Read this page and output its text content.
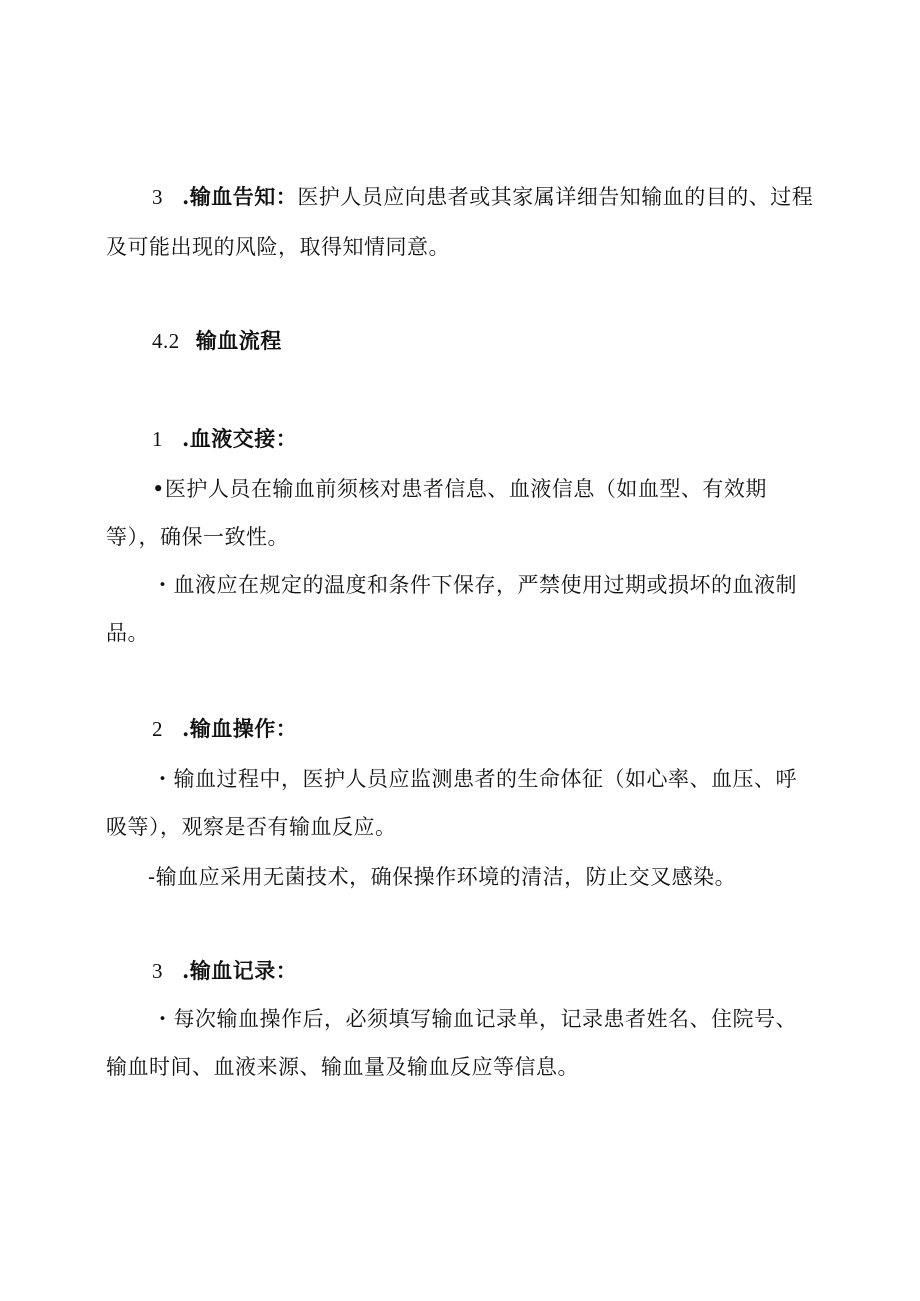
3 .输血告知：医护人员应向患者或其家属详细告知输血的目的、过程
及可能出现的风险，取得知情同意。
4.2 输血流程
1 .血液交接：
•医护人员在输血前须核对患者信息、血液信息（如血型、有效期
等），确保一致性。
・血液应在规定的温度和条件下保存，严禁使用过期或损坏的血液制
品。
2 .输血操作：
・输血过程中，医护人员应监测患者的生命体征（如心率、血压、呼
吸等），观察是否有输血反应。
-输血应采用无菌技术，确保操作环境的清洁，防止交叉感染。
3 .输血记录：
・每次输血操作后，必须填写输血记录单，记录患者姓名、住院号、
输血时间、血液来源、输血量及输血反应等信息。
